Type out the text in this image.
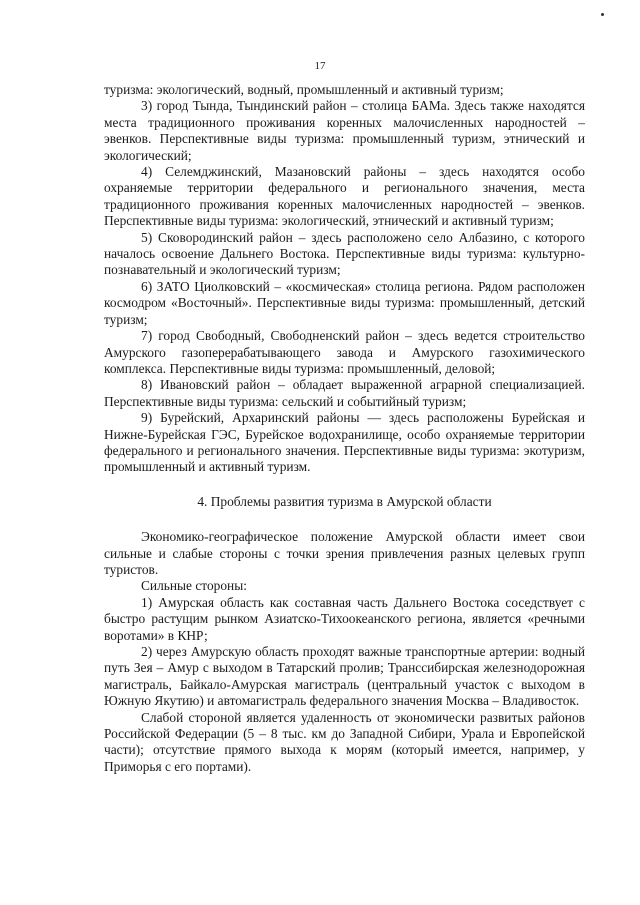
17

туризма: экологический, водный, промышленный и активный туризм;

3) город Тында, Тындинский район – столица БАМа. Здесь также находятся места традиционного проживания коренных малочисленных народностей – эвенков. Перспективные виды туризма: промышленный туризм, этнический и экологический;

4) Селемджинский, Мазановский районы – здесь находятся особо охраняемые территории федерального и регионального значения, места традиционного проживания коренных малочисленных народностей – эвенков. Перспективные виды туризма: экологический, этнический и активный туризм;

5) Сковородинский район – здесь расположено село Албазино, с которого началось освоение Дальнего Востока. Перспективные виды туризма: культурно-познавательный и экологический туризм;

6) ЗАТО Циолковский – «космическая» столица региона. Рядом расположен космодром «Восточный». Перспективные виды туризма: промышленный, детский туризм;

7) город Свободный, Свободненский район – здесь ведется строительство Амурского газоперерабатывающего завода и Амурского газохимического комплекса. Перспективные виды туризма: промышленный, деловой;

8) Ивановский район – обладает выраженной аграрной специализацией. Перспективные виды туризма: сельский и событийный туризм;

9) Бурейский, Архаринский районы — здесь расположены Бурейская и Нижне-Бурейская ГЭС, Бурейское водохранилище, особо охраняемые территории федерального и регионального значения. Перспективные виды туризма: экотуризм, промышленный и активный туризм.

4. Проблемы развития туризма в Амурской области

Экономико-географическое положение Амурской области имеет свои сильные и слабые стороны с точки зрения привлечения разных целевых групп туристов.

Сильные стороны:

1) Амурская область как составная часть Дальнего Востока соседствует с быстро растущим рынком Азиатско-Тихоокеанского региона, является «речными воротами» в КНР;

2) через Амурскую область проходят важные транспортные артерии: водный путь Зея – Амур с выходом в Татарский пролив; Транссибирская железнодорожная магистраль, Байкало-Амурская магистраль (центральный участок с выходом в Южную Якутию) и автомагистраль федерального значения Москва – Владивосток.

Слабой стороной является удаленность от экономически развитых районов Российской Федерации (5 – 8 тыс. км до Западной Сибири, Урала и Европейской части); отсутствие прямого выхода к морям (который имеется, например, у Приморья с его портами).
